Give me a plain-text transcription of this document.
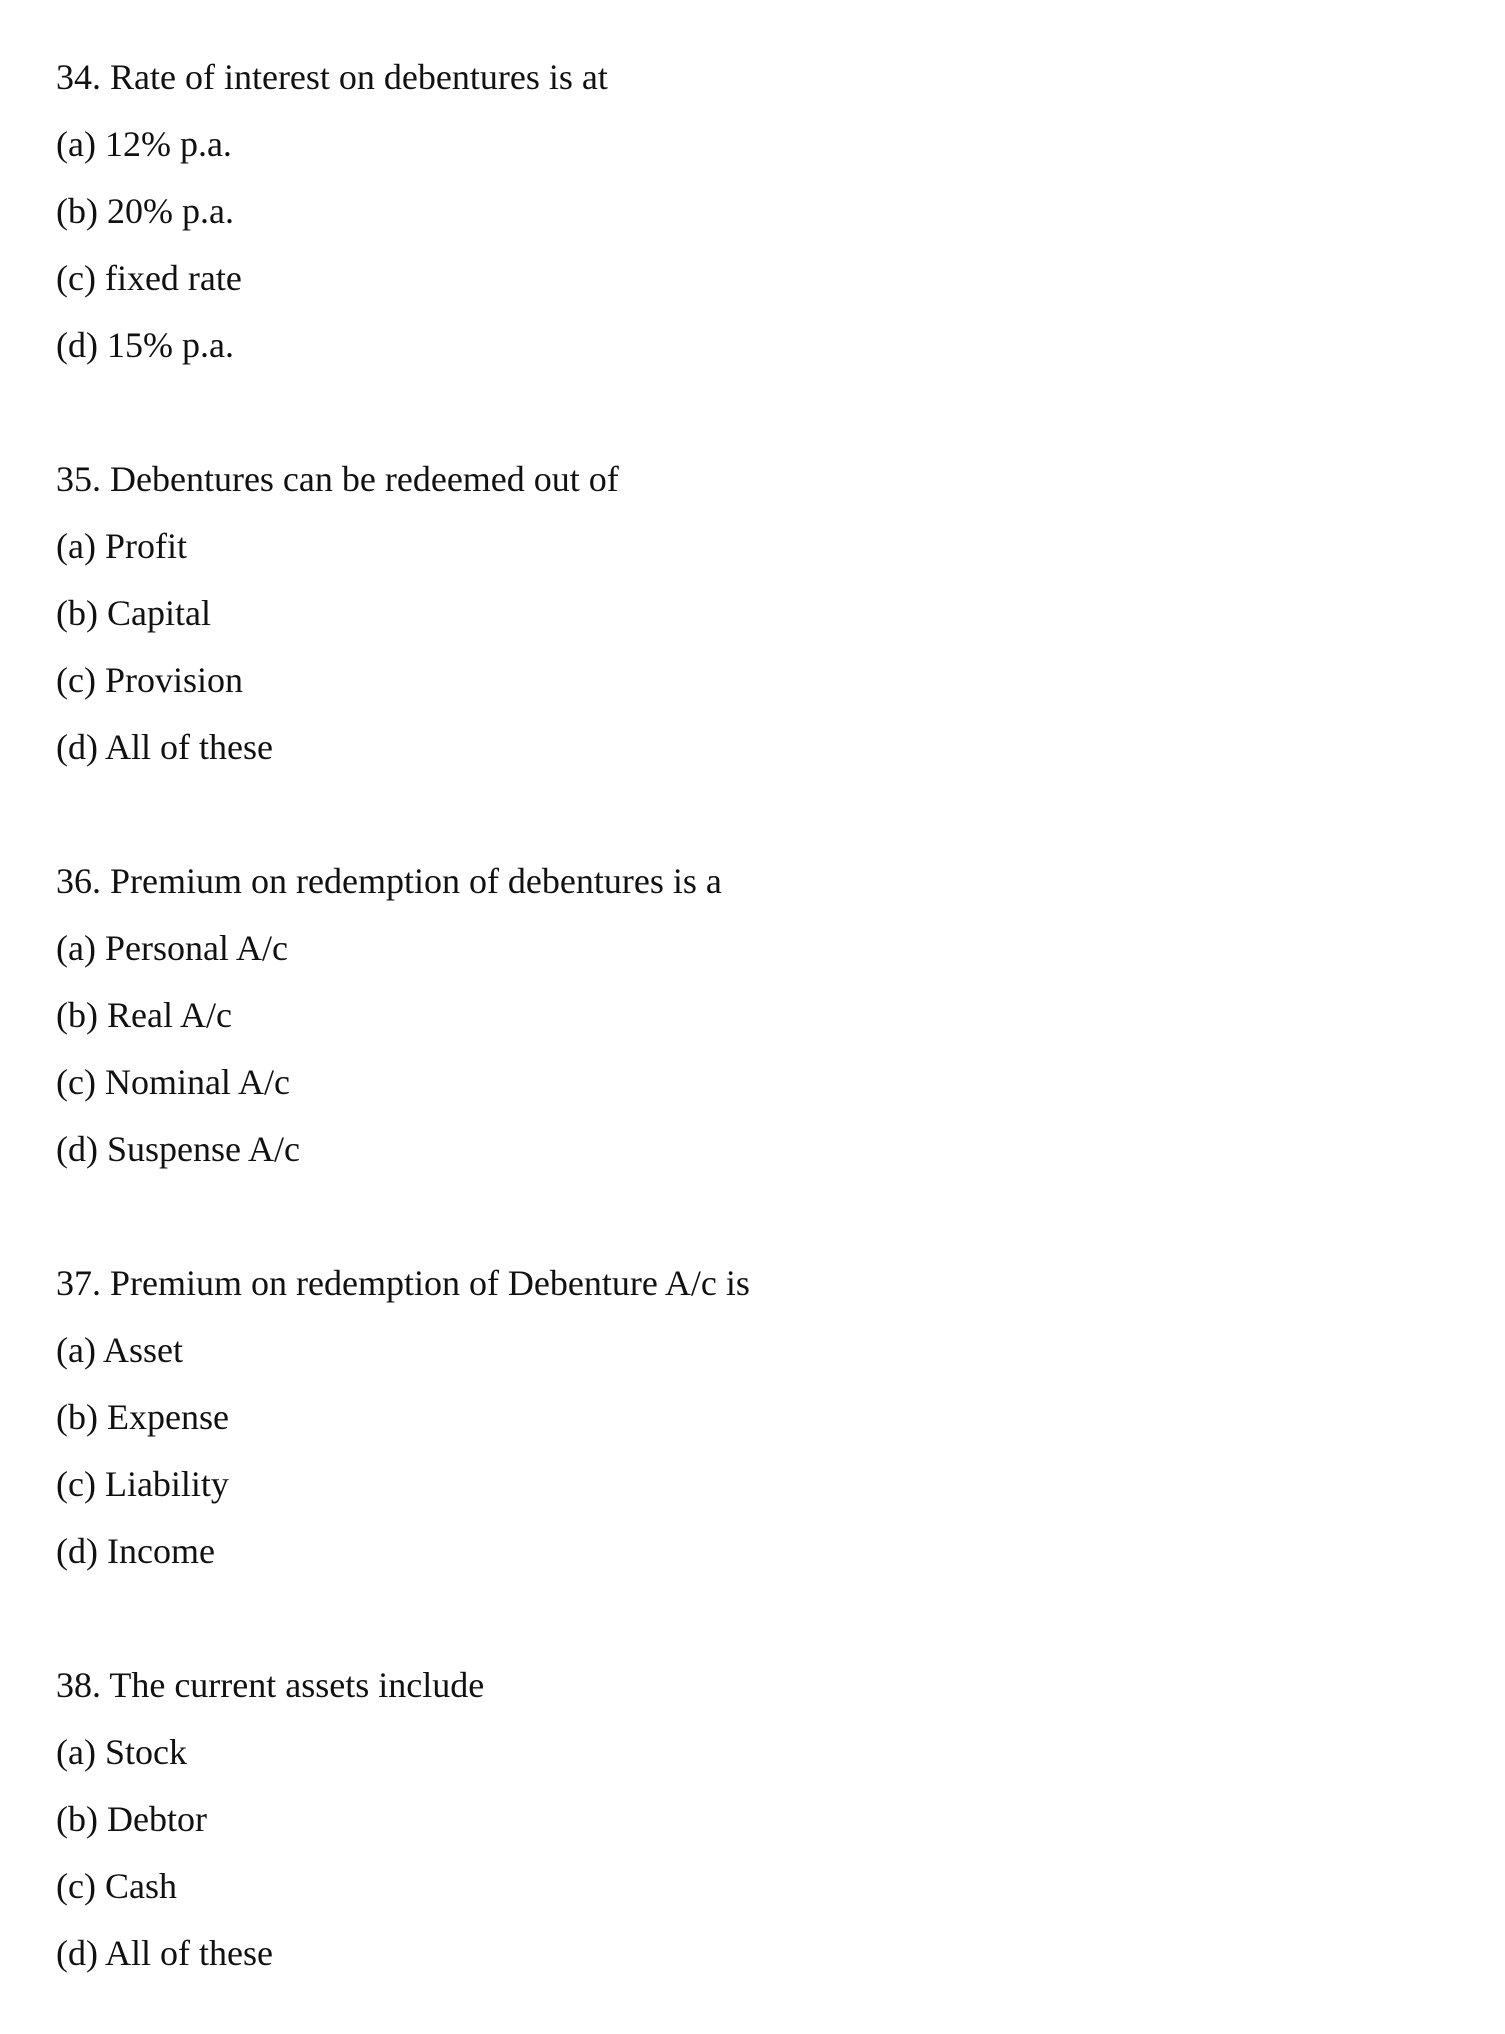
34. Rate of interest on debentures is at
(a) 12% p.a.
(b) 20% p.a.
(c) fixed rate
(d) 15% p.a.
35. Debentures can be redeemed out of
(a) Profit
(b) Capital
(c) Provision
(d) All of these
36. Premium on redemption of debentures is a
(a) Personal A/c
(b) Real A/c
(c) Nominal A/c
(d) Suspense A/c
37. Premium on redemption of Debenture A/c is
(a) Asset
(b) Expense
(c) Liability
(d) Income
38. The current assets include
(a) Stock
(b) Debtor
(c) Cash
(d) All of these
